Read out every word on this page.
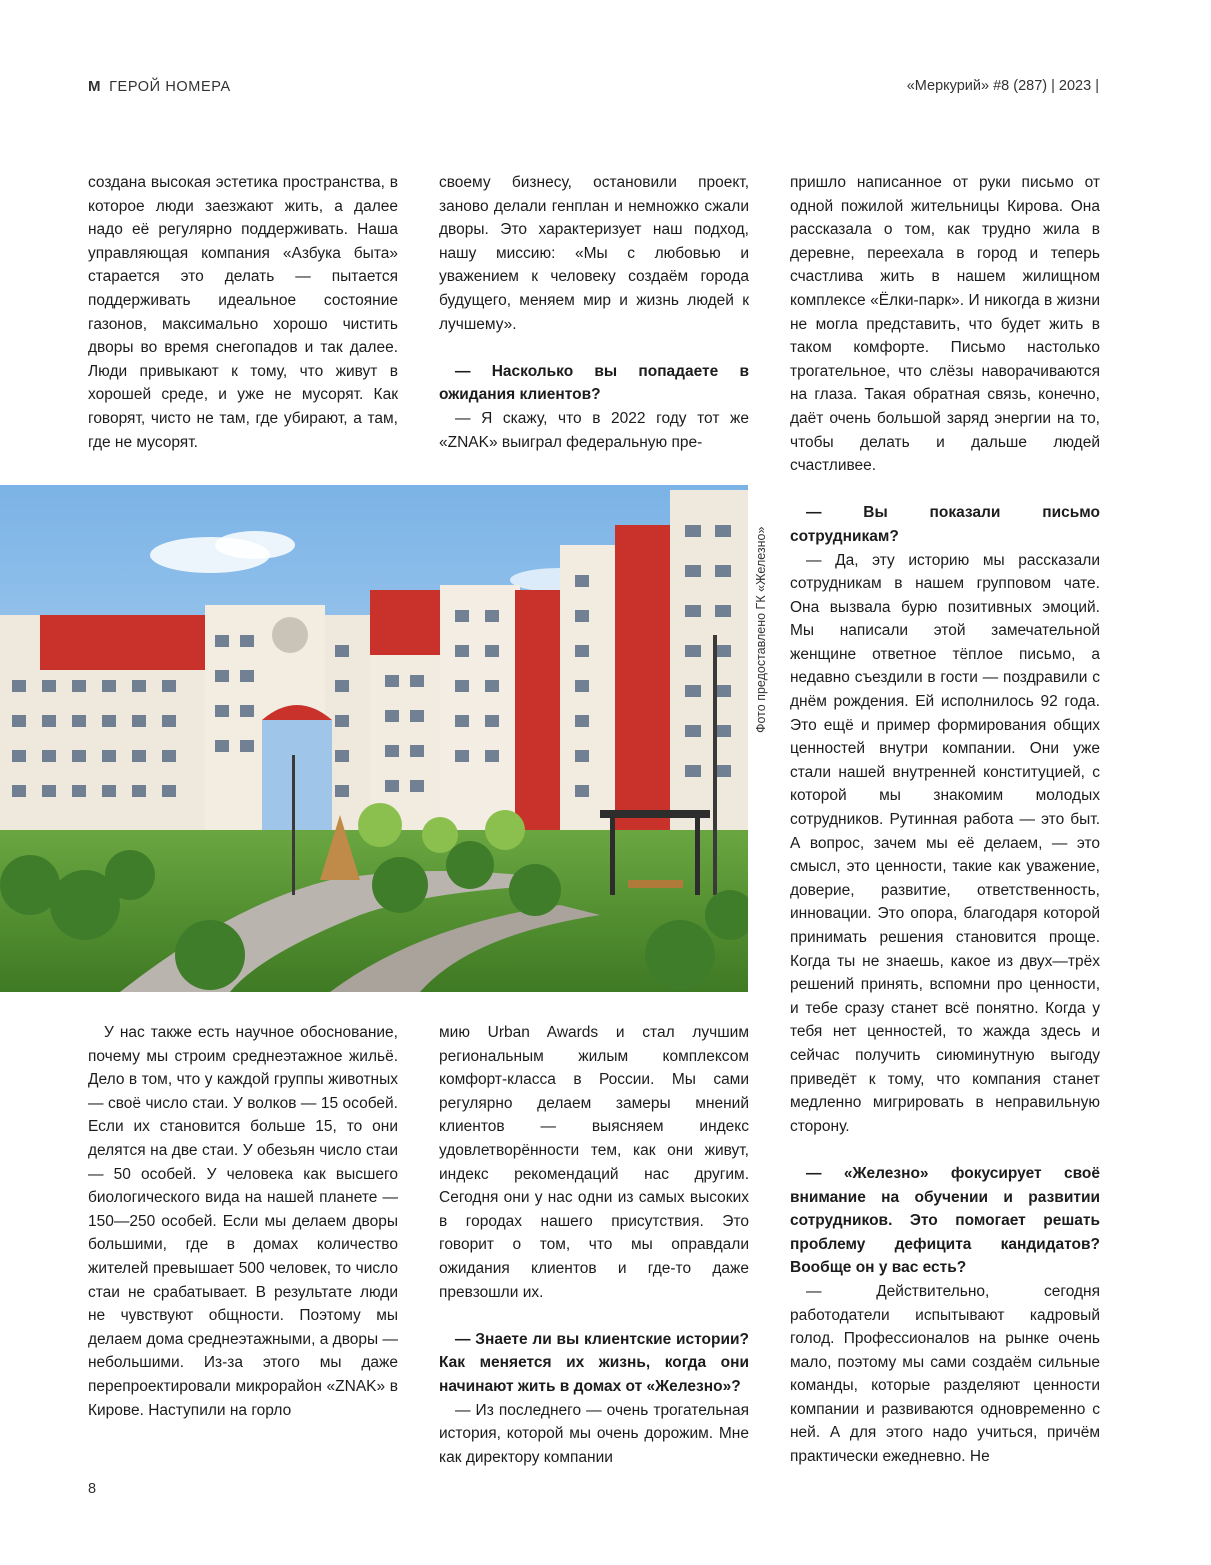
М ГЕРОЙ НОМЕРА	«Меркурий» #8 (287) | 2023 |

создана высокая эстетика пространства, в которое люди заезжают жить, а далее надо её регулярно поддерживать. Наша управляющая компания «Азбука быта» старается это делать — пытается поддерживать идеальное состояние газонов, максимально хорошо чистить дворы во время снегопадов и так далее. Люди привыкают к тому, что живут в хорошей среде, и уже не мусорят. Как говорят, чисто не там, где убирают, а там, где не мусорят.

своему бизнесу, остановили проект, заново делали генплан и немножко сжали дворы. Это характеризует наш подход, нашу миссию: «Мы с любовью и уважением к человеку создаём города будущего, меняем мир и жизнь людей к лучшему».

— Насколько вы попадаете в ожидания клиентов?

— Я скажу, что в 2022 году тот же «ZNAK» выиграл федеральную пре-

пришло написанное от руки письмо от одной пожилой жительницы Кирова. Она рассказала о том, как трудно жила в деревне, переехала в город и теперь счастлива жить в нашем жилищном комплексе «Ёлки-парк». И никогда в жизни не могла представить, что будет жить в таком комфорте. Письмо настолько трогательное, что слёзы наворачиваются на глаза. Такая обратная связь, конечно, даёт очень большой заряд энергии на то, чтобы делать и дальше людей счастливее.

— Вы показали письмо сотрудникам?

— Да, эту историю мы рассказали сотрудникам в нашем групповом чате. Она вызвала бурю позитивных эмоций. Мы написали этой замечательной женщине ответное тёплое письмо, а недавно съездили в гости — поздравили с днём рождения. Ей исполнилось 92 года. Это ещё и пример формирования общих ценностей внутри компании. Они уже стали нашей внутренней конституцией, с которой мы знакомим молодых сотрудников. Рутинная работа — это быт. А вопрос, зачем мы её делаем, — это смысл, это ценности, такие как уважение, доверие, развитие, ответственность, инновации. Это опора, благодаря которой принимать решения становится проще. Когда ты не знаешь, какое из двух—трёх решений принять, вспомни про ценности, и тебе сразу станет всё понятно. Когда у тебя нет ценностей, то жажда здесь и сейчас получить сиюминутную выгоду приведёт к тому, что компания станет медленно мигрировать в неправильную сторону.

— «Железно» фокусирует своё внимание на обучении и развитии сотрудников. Это помогает решать проблему дефицита кандидатов? Вообще он у вас есть?

— Действительно, сегодня работодатели испытывают кадровый голод. Профессионалов на рынке очень мало, поэтому мы сами создаём сильные команды, которые разделяют ценности компании и развиваются одновременно с ней. А для этого надо учиться, причём практически ежедневно. Не

Фото предоставлено ГК «Железно»

У нас также есть научное обоснование, почему мы строим среднеэтажное жильё. Дело в том, что у каждой группы животных — своё число стаи. У волков — 15 особей. Если их становится больше 15, то они делятся на две стаи. У обезьян число стаи — 50 особей. У человека как высшего биологического вида на нашей планете — 150—250 особей. Если мы делаем дворы большими, где в домах количество жителей превышает 500 человек, то число стаи не срабатывает. В результате люди не чувствуют общности. Поэтому мы делаем дома среднеэтажными, а дворы — небольшими. Из-за этого мы даже перепроектировали микрорайон «ZNAK» в Кирове. Наступили на горло

мию Urban Awards и стал лучшим региональным жилым комплексом комфорт-класса в России. Мы сами регулярно делаем замеры мнений клиентов — выясняем индекс удовлетворённости тем, как они живут, индекс рекомендаций нас другим. Сегодня они у нас одни из самых высоких в городах нашего присутствия. Это говорит о том, что мы оправдали ожидания клиентов и где-то даже превзошли их.

— Знаете ли вы клиентские истории? Как меняется их жизнь, когда они начинают жить в домах от «Железно»?

— Из последнего — очень трогательная история, которой мы очень дорожим. Мне как директору компании

8
